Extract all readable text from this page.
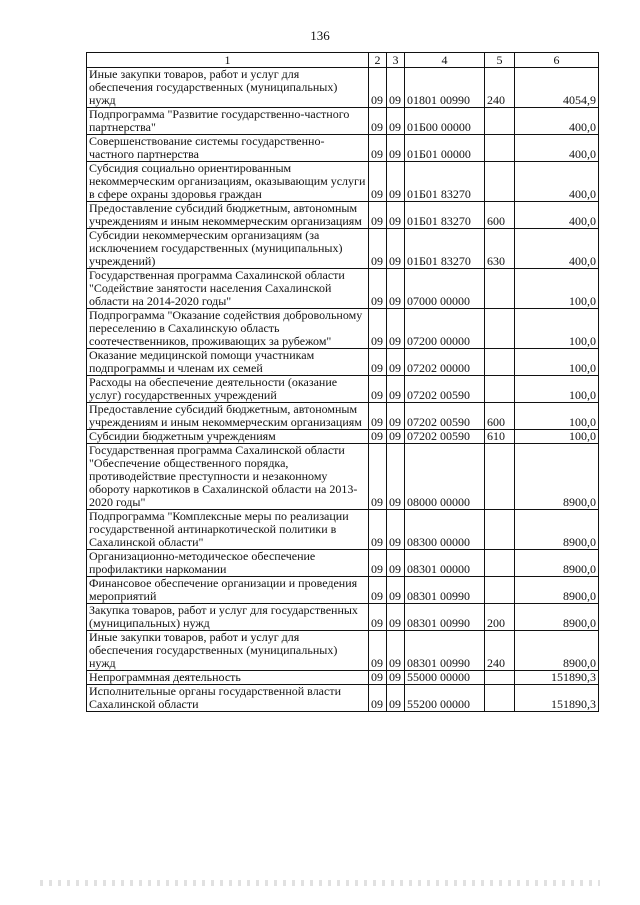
136
1	2	3	4	5	6
Иные закупки товаров, работ и услуг для обеспечения государственных (муниципальных) нужд	09	09	01801 00990	240	4054,9
Подпрограмма "Развитие государственно-частного партнерства"	09	09	01Б00 00000		400,0
Совершенствование системы государственно-частного партнерства	09	09	01Б01 00000		400,0
Субсидия социально ориентированным некоммерческим организациям, оказывающим услуги в сфере охраны здоровья граждан	09	09	01Б01 83270		400,0
Предоставление субсидий бюджетным, автономным учреждениям и иным некоммерческим организациям	09	09	01Б01 83270	600	400,0
Субсидии некоммерческим организациям (за исключением государственных (муниципальных) учреждений)	09	09	01Б01 83270	630	400,0
Государственная программа Сахалинской области "Содействие занятости населения Сахалинской области на 2014-2020 годы"	09	09	07000 00000		100,0
Подпрограмма "Оказание содействия добровольному переселению в Сахалинскую область соотечественников, проживающих за рубежом"	09	09	07200 00000		100,0
Оказание медицинской помощи участникам подпрограммы и членам их семей	09	09	07202 00000		100,0
Расходы на обеспечение деятельности (оказание услуг) государственных учреждений	09	09	07202 00590		100,0
Предоставление субсидий бюджетным, автономным учреждениям и иным некоммерческим организациям	09	09	07202 00590	600	100,0
Субсидии бюджетным учреждениям	09	09	07202 00590	610	100,0
Государственная программа Сахалинской области "Обеспечение общественного порядка, противодействие преступности и незаконному обороту наркотиков в Сахалинской области на 2013-2020 годы"	09	09	08000 00000		8900,0
Подпрограмма "Комплексные меры по реализации государственной антинаркотической политики в Сахалинской области"	09	09	08300 00000		8900,0
Организационно-методическое обеспечение профилактики наркомании	09	09	08301 00000		8900,0
Финансовое обеспечение организации и проведения мероприятий	09	09	08301 00990		8900,0
Закупка товаров, работ и услуг для государственных (муниципальных) нужд	09	09	08301 00990	200	8900,0
Иные закупки товаров, работ и услуг для обеспечения государственных (муниципальных) нужд	09	09	08301 00990	240	8900,0
Непрограммная деятельность	09	09	55000 00000		151890,3
Исполнительные органы государственной власти Сахалинской области	09	09	55200 00000		151890,3
